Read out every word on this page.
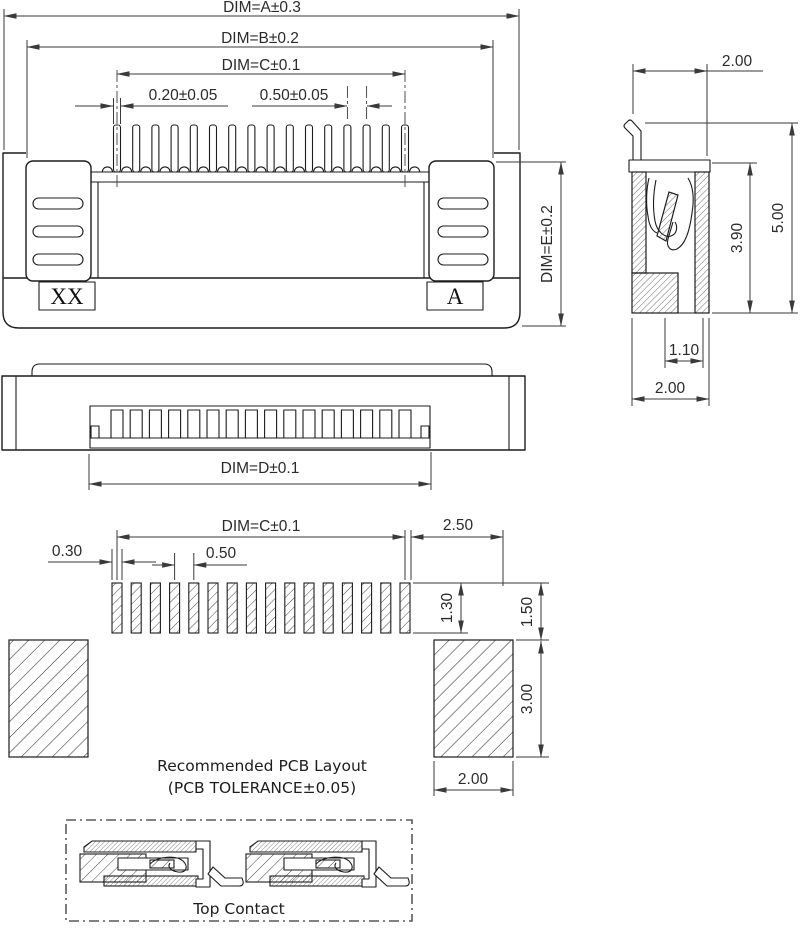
XX	A
DIM=A±0.3
DIM=B±0.2
DIM=C±0.1
0.20±0.05	0.50±0.05
DIM=E±0.2
2.00
5.00
3.90
1.10
2.00
DIM=D±0.1
DIM=C±0.1	2.50
0.30	0.50
1.30	1.50
3.00
2.00
Recommended PCB Layout
(PCB TOLERANCE±0.05)
Top Contact
